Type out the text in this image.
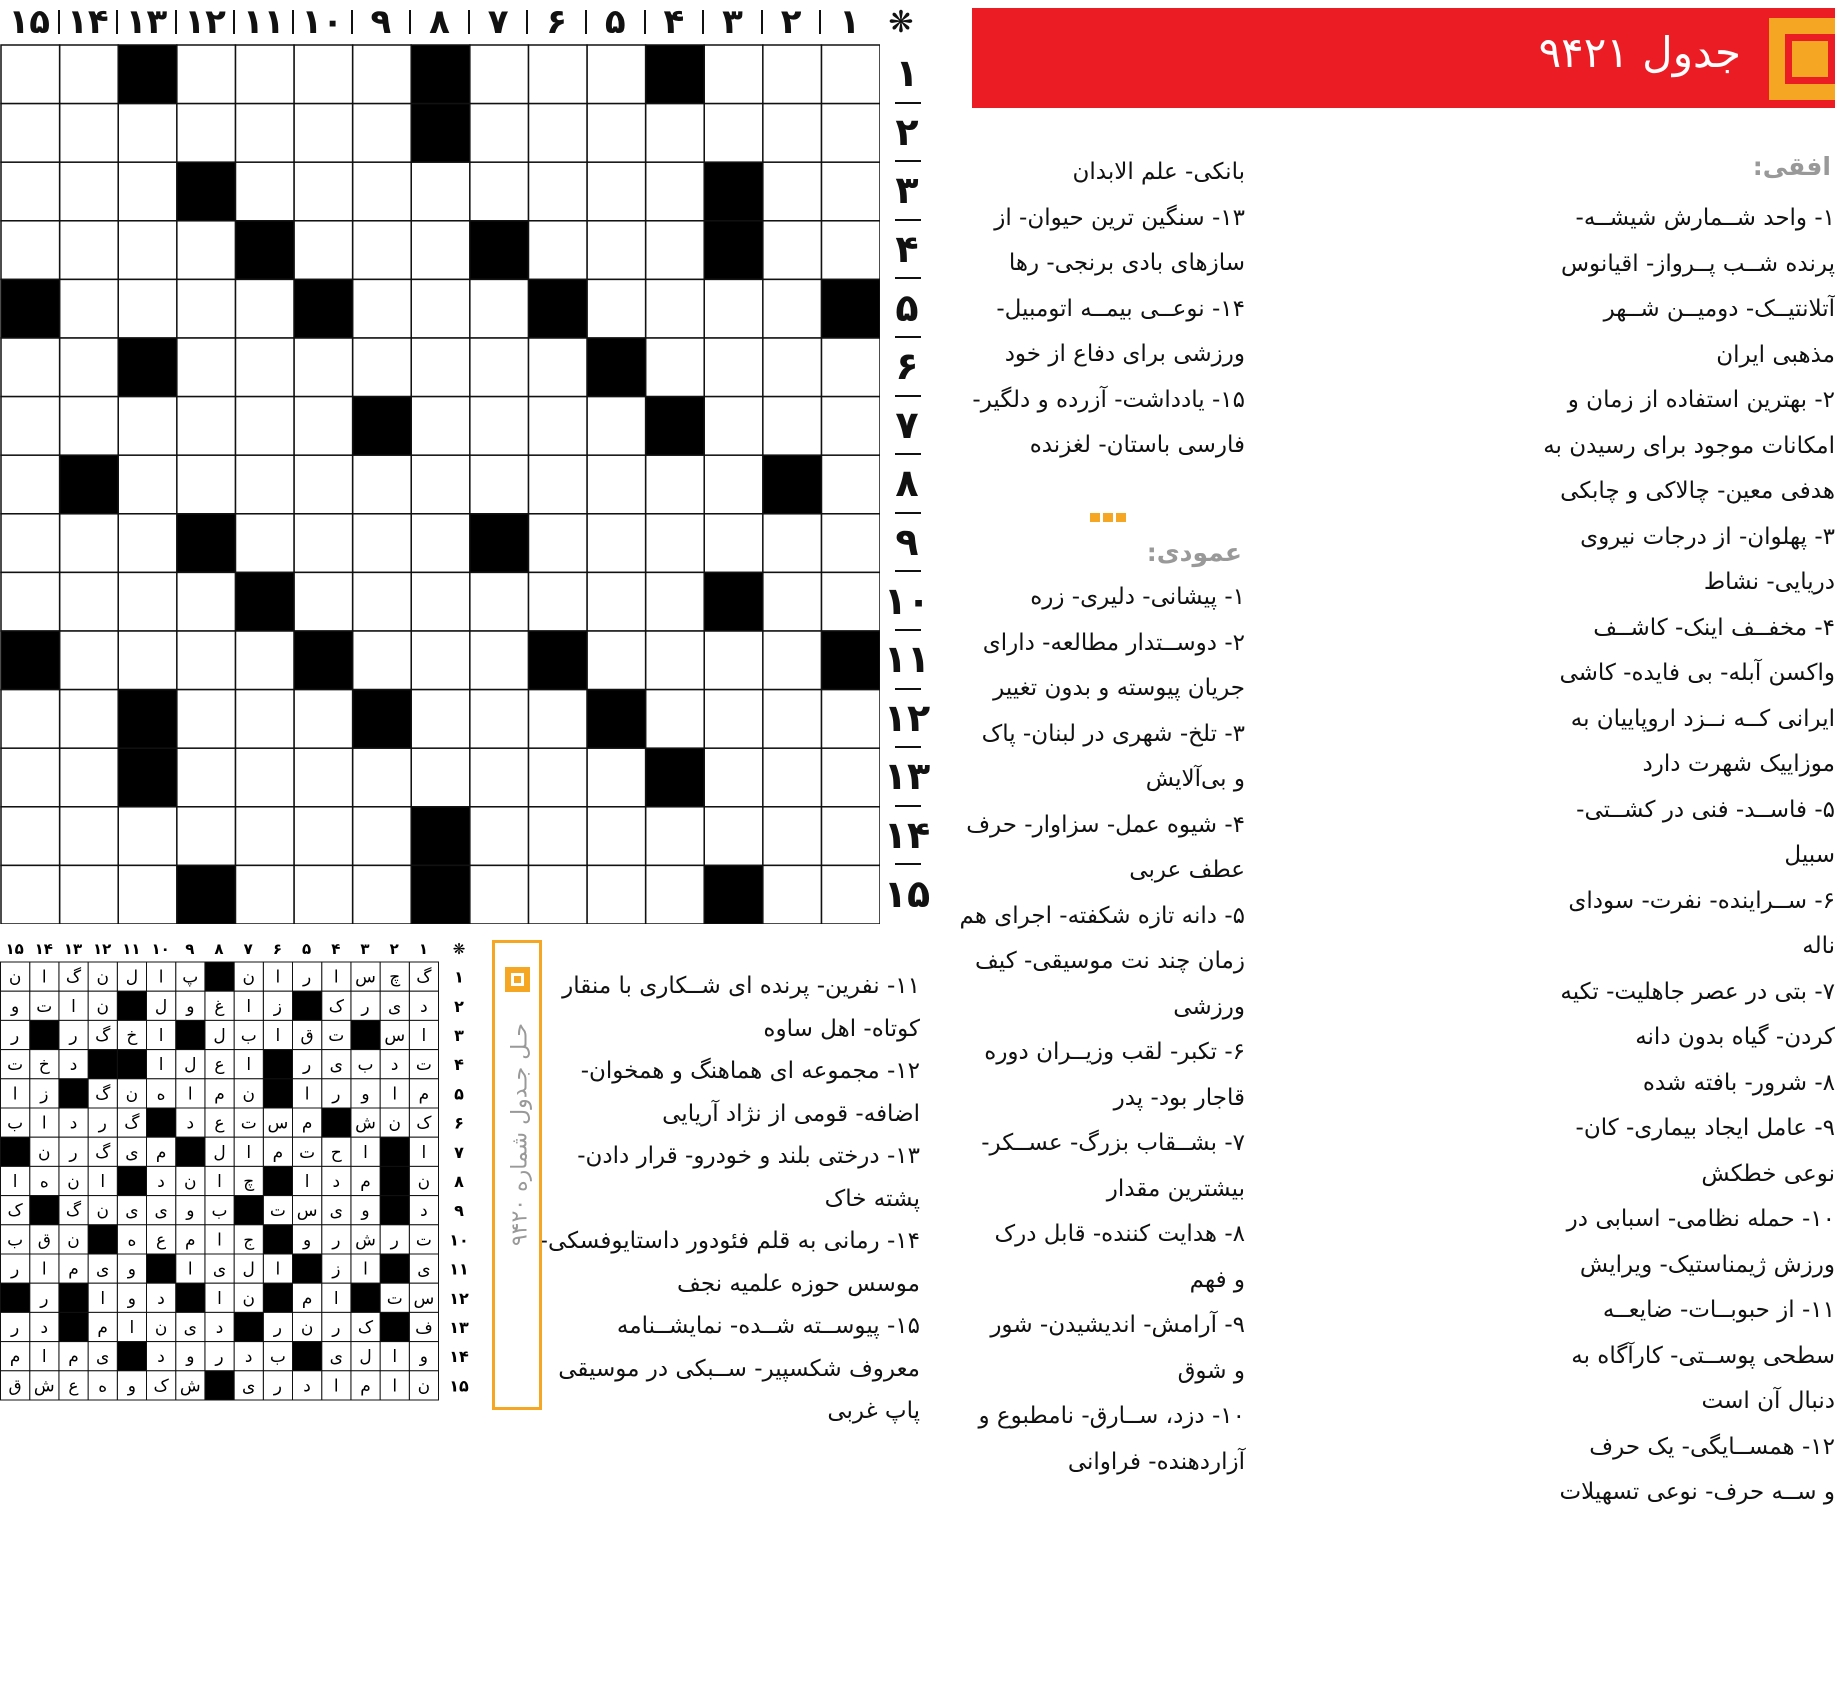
۱
۲
۳
۴
۵
۶
۷
۸
۹
۱۰
۱۱
۱۲
۱۳
۱۴
۱۵	❋
۱
۲
۳
۴
۵
۶
۷
۸
۹
۱۰
۱۱
۱۲
۱۳
۱۴
۱۵
جدول ۹۴۲۱
افقی:

۱- واحد شــمارش شیشــه-

پرنده شــب پــرواز- اقیانوس

آتلانتیــک- دومیــن شــهر

مذهبی ایران

۲- بهترین استفاده از زمان و

امکانات موجود برای رسیدن به

هدفی معین- چالاکی و چابکی

۳- پهلوان- از درجات نیروی

دریایی- نشاط

۴- مخفــف اینک- کاشــف

واکسن آبله- بی فایده- کاشی

ایرانی کــه نــزد اروپاییان به

موزاییک شهرت دارد

۵- فاســد- فنی در کشــتی-

سبیل

۶- ســراینده- نفرت- سودای

ناله

۷- بتی در عصر جاهلیت- تکیه

کردن- گیاه بدون دانه

۸- شرور- بافته شده

۹- عامل ایجاد بیماری- کان-

نوعی خطکش

۱۰- حمله نظامی- اسبابی در

ورزش ژیمناستیک- ویرایش

۱۱- از حبوبــات- ضایعــه

سطحی پوســتی- کارآگاه به

دنبال آن است

۱۲- همســایگی- یک حرف

و ســه حرف- نوعی تسهیلات

بانکی- علم الابدان

۱۳- سنگین ترین حیوان- از

سازهای بادی برنجی- رها

۱۴- نوعــی بیمــه اتومبیل-

ورزشی برای دفاع از خود

۱۵- یادداشت- آزرده و دلگیر-

فارسی باستان- لغزنده

عمودی:

۱- پیشانی- دلیری- زره

۲- دوســتدار مطالعه- دارای

جریان پیوسته و بدون تغییر

۳- تلخ- شهری در لبنان- پاک

و بی‌آلایش

۴- شیوه عمل- سزاوار- حرف

عطف عربی

۵- دانه تازه شکفته- اجرای هم

زمان چند نت موسیقی- کیف

ورزشی

۶- تکبر- لقب وزیــران دوره

قاجار بود- پدر

۷- بشــقاب بزرگ- عســکر-

بیشترین مقدار

۸- هدایت کننده- قابل درک

و فهم

۹- آرامش- اندیشیدن- شور

و شوق

۱۰- دزد، ســارق- نامطبوع و

آزاردهنده- فراوانی

۱۱- نفرین- پرنده ای شــکاری با منقار

کوتاه- اهل ساوه

۱۲- مجموعه ای هماهنگ و همخوان-

اضافه- قومی از نژاد آریایی

۱۳- درختی بلند و خودرو- قرار دادن-

پشته خاک

۱۴- رمانی به قلم فئودور داستایوفسکی-

موسس حوزه علمیه نجف

۱۵- پیوســته شــده- نمایشــنامه

معروف شکسپیر- ســبکی در موسیقی

پاپ غربی

حـل جـدول شماره ۹۴۲۰
۱
۲
۳
۴
۵
۶
۷
۸
۹
۱۰
۱۱
۱۲
۱۳
۱۴
۱۵	❋
۱
گ
چ
س
ا
ر
ا
ن
پ
ا
ل
ن
گ
ا
ن
۲
د
ی
ر
ک
ز
ا
غ
و
ل
ن
ا
ت
و
۳
ا
س
ت
ق
ا
ب
ل
ا
خ
گ
ر
ر
۴
ت
د
ب
ی
ر
ا
ع
ل
ا
د
خ
ت
۵
م
ا
و
ر
ا
ن
م
ا
ه
ن
گ
ز
ا
۶
ک
ن
ش
م
س
ت
ع
د
گ
ر
د
ا
ب
۷
ا
ا
ح
ت
م
ا
ل
م
ی
گ
ر
ن
۸
ن
م
د
ا
چ
ا
ن
د
ا
ن
ه
ا
۹
د
و
ی
س
ت
ب
و
ی
ی
ن
گ
ک
۱۰
ت
ر
ش
ر
و
ج
ا
م
ع
ه
ن
ق
ب
۱۱
ی
ا
ز
ا
ل
ی
ا
و
ی
م
ا
ر
۱۲
س
ت
ا
م
ن
ا
د
و
ا
ر
۱۳
ف
ک
ر
ن
ر
د
ی
ن
ا
م
د
ر
۱۴
و
ا
ل
ی
ب
د
ر
و
د
ی
م
ا
م
۱۵
ن
ا
م
ا
د
ر
ی
ش
ک
و
ه
ع
ش
ق
